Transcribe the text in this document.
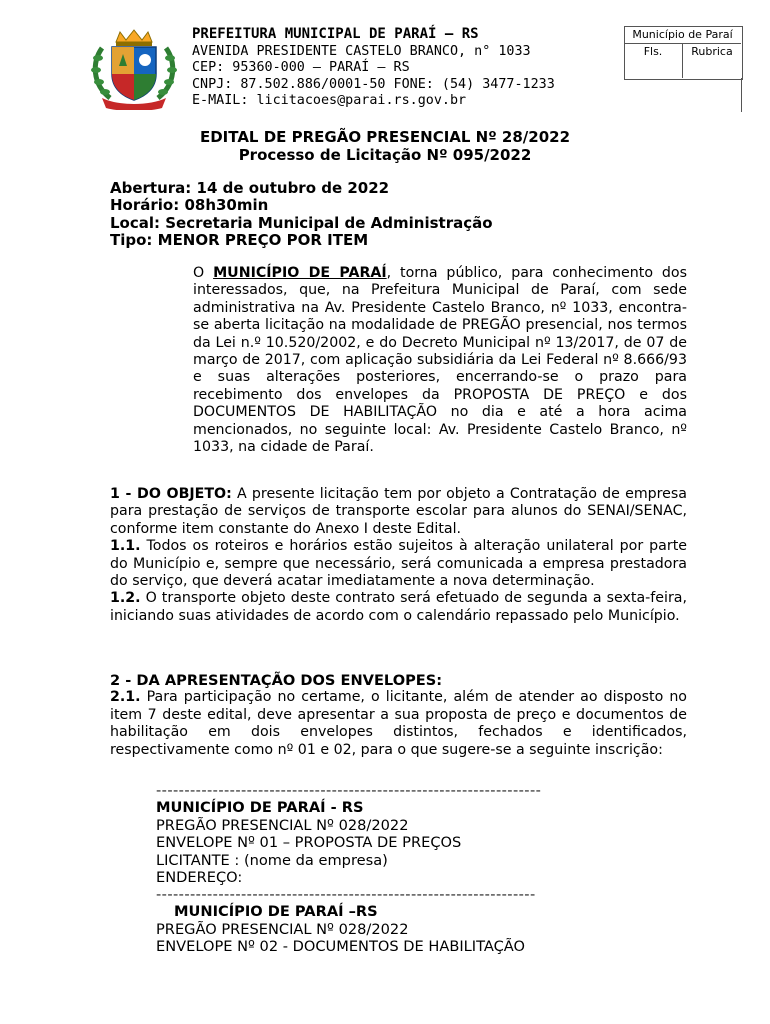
PREFEITURA MUNICIPAL DE PARAÍ – RS
AVENIDA PRESIDENTE CASTELO BRANCO, n° 1033
CEP: 95360-000 – PARAÍ – RS
CNPJ: 87.502.886/0001-50 FONE: (54) 3477-1233
E-MAIL: licitacoes@parai.rs.gov.br
Município de Paraí
Fls.	Rubrica
EDITAL DE PREGÃO PRESENCIAL Nº 28/2022
Processo de Licitação Nº 095/2022
Abertura: 14 de outubro de 2022
Horário: 08h30min
Local: Secretaria Municipal de Administração
Tipo: MENOR PREÇO POR ITEM
O MUNICÍPIO DE PARAÍ, torna público, para conhecimento dos interessados, que, na Prefeitura Municipal de Paraí, com sede administrativa na Av. Presidente Castelo Branco, nº 1033, encontra-se aberta licitação na modalidade de PREGÃO presencial, nos termos da Lei n.º 10.520/2002, e do Decreto Municipal nº 13/2017, de 07 de março de 2017, com aplicação subsidiária da Lei Federal nº 8.666/93 e suas alterações posteriores, encerrando-se o prazo para recebimento dos envelopes da PROPOSTA DE PREÇO e dos DOCUMENTOS DE HABILITAÇÃO no dia e até a hora acima mencionados, no seguinte local: Av. Presidente Castelo Branco, nº 1033, na cidade de Paraí.

1 - DO OBJETO: A presente licitação tem por objeto a Contratação de empresa para prestação de serviços de transporte escolar para alunos do SENAI/SENAC, conforme item constante do Anexo I deste Edital.

1.1. Todos os roteiros e horários estão sujeitos à alteração unilateral por parte do Município e, sempre que necessário, será comunicada a empresa prestadora do serviço, que deverá acatar imediatamente a nova determinação.

1.2. O transporte objeto deste contrato será efetuado de segunda a sexta-feira, iniciando suas atividades de acordo com o calendário repassado pelo Município.

2 - DA APRESENTAÇÃO DOS ENVELOPES:

2.1. Para participação no certame, o licitante, além de atender ao disposto no item 7 deste edital, deve apresentar a sua proposta de preço e documentos de habilitação em dois envelopes distintos, fechados e identificados, respectivamente como nº 01 e 02, para o que sugere-se a seguinte inscrição:

--------------------------------------------------------------------
MUNICÍPIO DE PARAÍ - RS
PREGÃO PRESENCIAL Nº 028/2022
ENVELOPE Nº 01 – PROPOSTA DE PREÇOS
LICITANTE : (nome da empresa)
ENDEREÇO:
-------------------------------------------------------------------
MUNICÍPIO DE PARAÍ –RS
PREGÃO PRESENCIAL Nº 028/2022
ENVELOPE Nº 02 - DOCUMENTOS DE HABILITAÇÃO
